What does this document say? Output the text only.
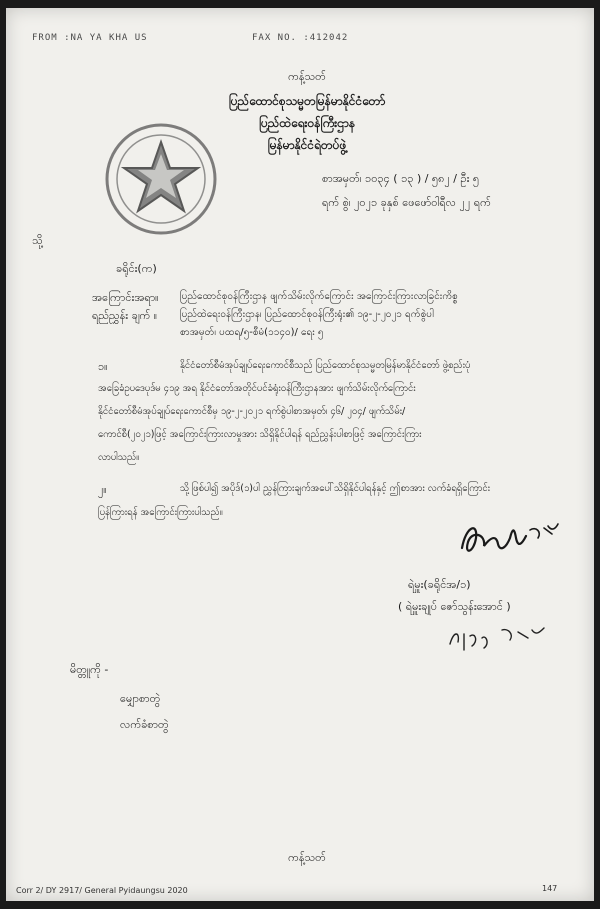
FROM :NA YA KHA US	FAX NO. :412042
ကန့်သတ်
ပြည်ထောင်စုသမ္မတမြန်မာနိုင်ငံတော်
ပြည်ထဲရေးဝန်ကြီးဌာန
မြန်မာနိုင်ငံရဲတပ်ဖွဲ့
စာအမှတ်၊ ၁၀၃၄ ( ၁၃ ) / ၅၈၂ / ဦး ၅
ရက် စွဲ၊ ၂၀၂၁ ခုနှစ် ဖေဖော်ဝါရီလ ၂၂ ရက်
သို့
ခရိုင်း(က)
အကြောင်းအရာ။ ပြည်ထောင်စုဝန်ကြီးဌာန ဖျက်သိမ်းလိုက်ကြောင်း အကြောင်းကြားလာခြင်းကိစ္စ
ရည်ညွှန်း ချက် ။ ပြည်ထဲရေးဝန်ကြီးဌာန၊ ပြည်ထောင်စုဝန်ကြီးရုံး၏ ၁၉-၂-၂၀၂၁ ရက်စွဲပါ
စာအမှတ်၊ ပထရ/၅-စီမံ(၁၁၄၀)/ ရေး ၅
၁။	နိုင်ငံတော်စီမံအုပ်ချုပ်ရေးကောင်စီသည် ပြည်ထောင်စုသမ္မတမြန်မာနိုင်ငံတော် ဖွဲ့စည်းပုံ
အခြေခံဥပဒေပုဒ်မ ၄၁၉ အရ နိုင်ငံတော်အတိုင်ပင်ခံရုံးဝန်ကြီးဌာနအား ဖျက်သိမ်းလိုက်ကြောင်း
နိုင်ငံတော်စီမံအုပ်ချုပ်ရေးကောင်စီမှ ၁၉-၂-၂၀၂၁ ရက်စွဲပါစာအမှတ်၊ ၄၆/ ၂၀၄/ ဖျက်သိမ်း/
ကောင်စီ(၂၀၂၁)ဖြင့် အကြောင်းကြားလာမှုအား သိရှိနိုင်ပါရန် ရည်ညွှန်းပါစာဖြင့် အကြောင်းကြား
လာပါသည်။
၂။	သို့ဖြစ်ပါ၍ အပိုဒ်(၁)ပါ ညွှန်ကြားချက်အပေါ်သိရှိနိုင်ပါရန်နှင့် ဤစာအား လက်ခံရရှိကြောင်း
ပြန်ကြားရန် အကြောင်းကြားပါသည်။
ရဲမှူး(ခရိုင်အ/၁)
( ရဲမှူးချုပ် ဇော်သွန်းအောင် )
မိတ္တူကို -
မျှောစာတွဲ
လက်ခံစာတွဲ
ကန့်သတ်
Corr 2/ DY 2917/ General Pyidaungsu 2020	147
